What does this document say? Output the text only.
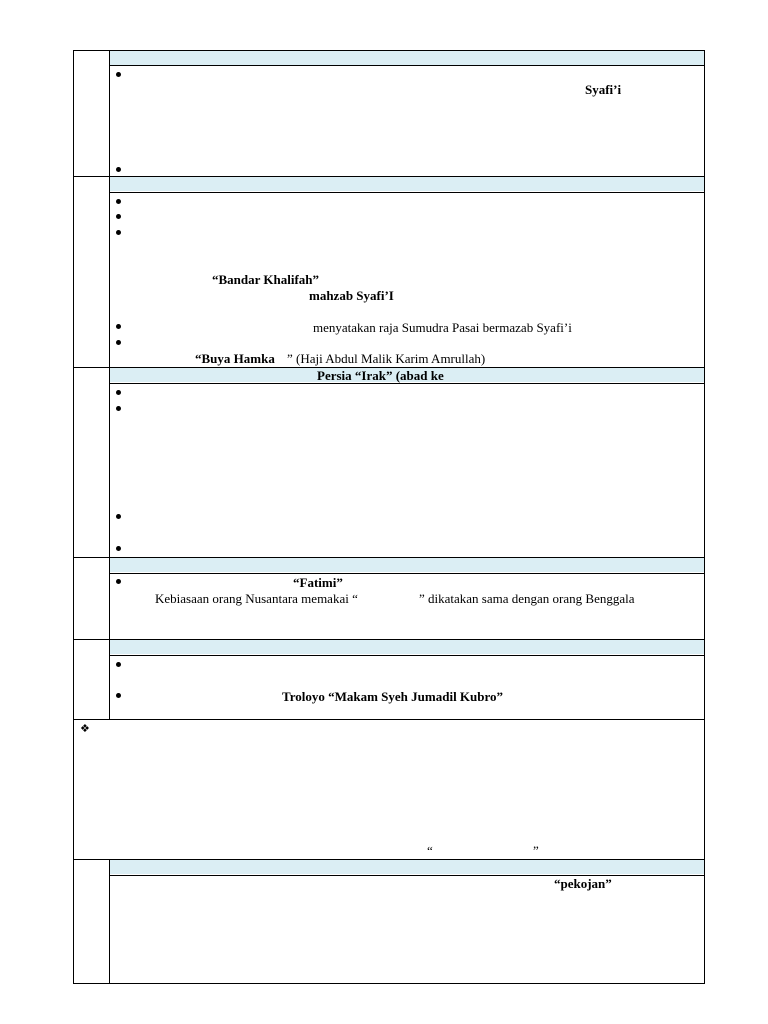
Syafi’i
“Bandar Khalifah”
mahzab Syafi’I
menyatakan raja Sumudra Pasai bermazab Syafi’i
“Buya Hamka ” (Haji Abdul Malik Karim Amrullah)
Persia “Irak” (abad ke
“Fatimi”
Kebiasaan orang Nusantara memakai “	” dikatakan sama dengan orang Benggala
Troloyo “Makam Syeh Jumadil Kubro”
❖
“	”
“pekojan”
